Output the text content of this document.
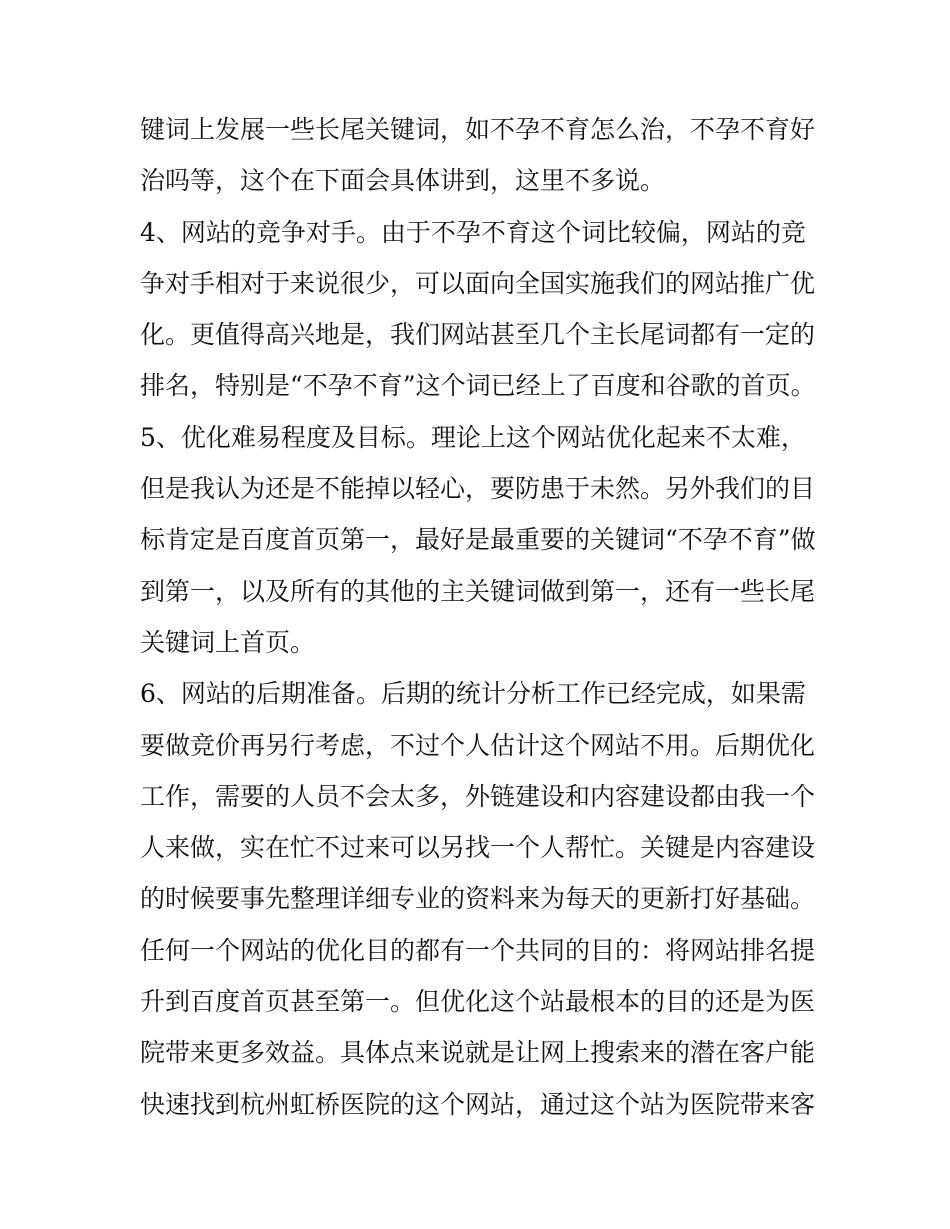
键词上发展一些长尾关键词，如不孕不育怎么治，不孕不育好
治吗等，这个在下面会具体讲到，这里不多说。
4、网站的竞争对手。由于不孕不育这个词比较偏，网站的竞
争对手相对于来说很少，可以面向全国实施我们的网站推广优
化。更值得高兴地是，我们网站甚至几个主长尾词都有一定的
排名，特别是“不孕不育”这个词已经上了百度和谷歌的首页。
5、优化难易程度及目标。理论上这个网站优化起来不太难，
但是我认为还是不能掉以轻心，要防患于未然。另外我们的目
标肯定是百度首页第一，最好是最重要的关键词“不孕不育”做
到第一，以及所有的其他的主关键词做到第一，还有一些长尾
关键词上首页。
6、网站的后期准备。后期的统计分析工作已经完成，如果需
要做竞价再另行考虑，不过个人估计这个网站不用。后期优化
工作，需要的人员不会太多，外链建设和内容建设都由我一个
人来做，实在忙不过来可以另找一个人帮忙。关键是内容建设
的时候要事先整理详细专业的资料来为每天的更新打好基础。
任何一个网站的优化目的都有一个共同的目的：将网站排名提
升到百度首页甚至第一。但优化这个站最根本的目的还是为医
院带来更多效益。具体点来说就是让网上搜索来的潜在客户能
快速找到杭州虹桥医院的这个网站，通过这个站为医院带来客
